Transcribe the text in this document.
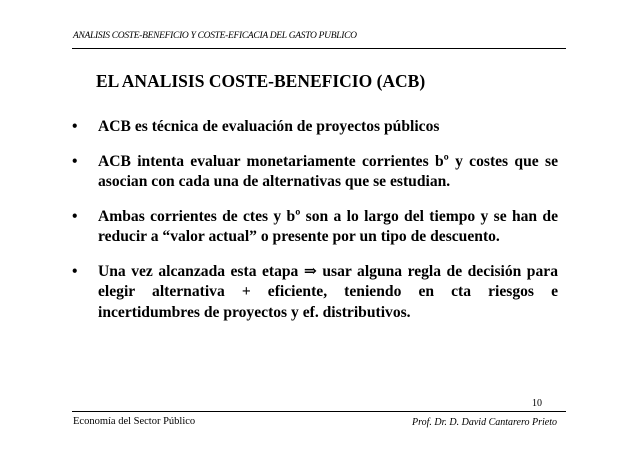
ANALISIS COSTE-BENEFICIO Y COSTE-EFICACIA DEL GASTO PUBLICO
EL ANALISIS COSTE-BENEFICIO (ACB)
• ACB es técnica de evaluación de proyectos públicos
• ACB intenta evaluar monetariamente corrientes bº y costes que se asocian con cada una de alternativas que se estudian.
• Ambas corrientes de ctes y bº son a lo largo del tiempo y se han de reducir a “valor actual” o presente por un tipo de descuento.
• Una vez alcanzada esta etapa ⇒ usar alguna regla de decisión para elegir alternativa + eficiente, teniendo en cta riesgos e incertidumbres de proyectos y ef. distributivos.
10
Economía del Sector Público	Prof. Dr. D. David Cantarero Prieto
